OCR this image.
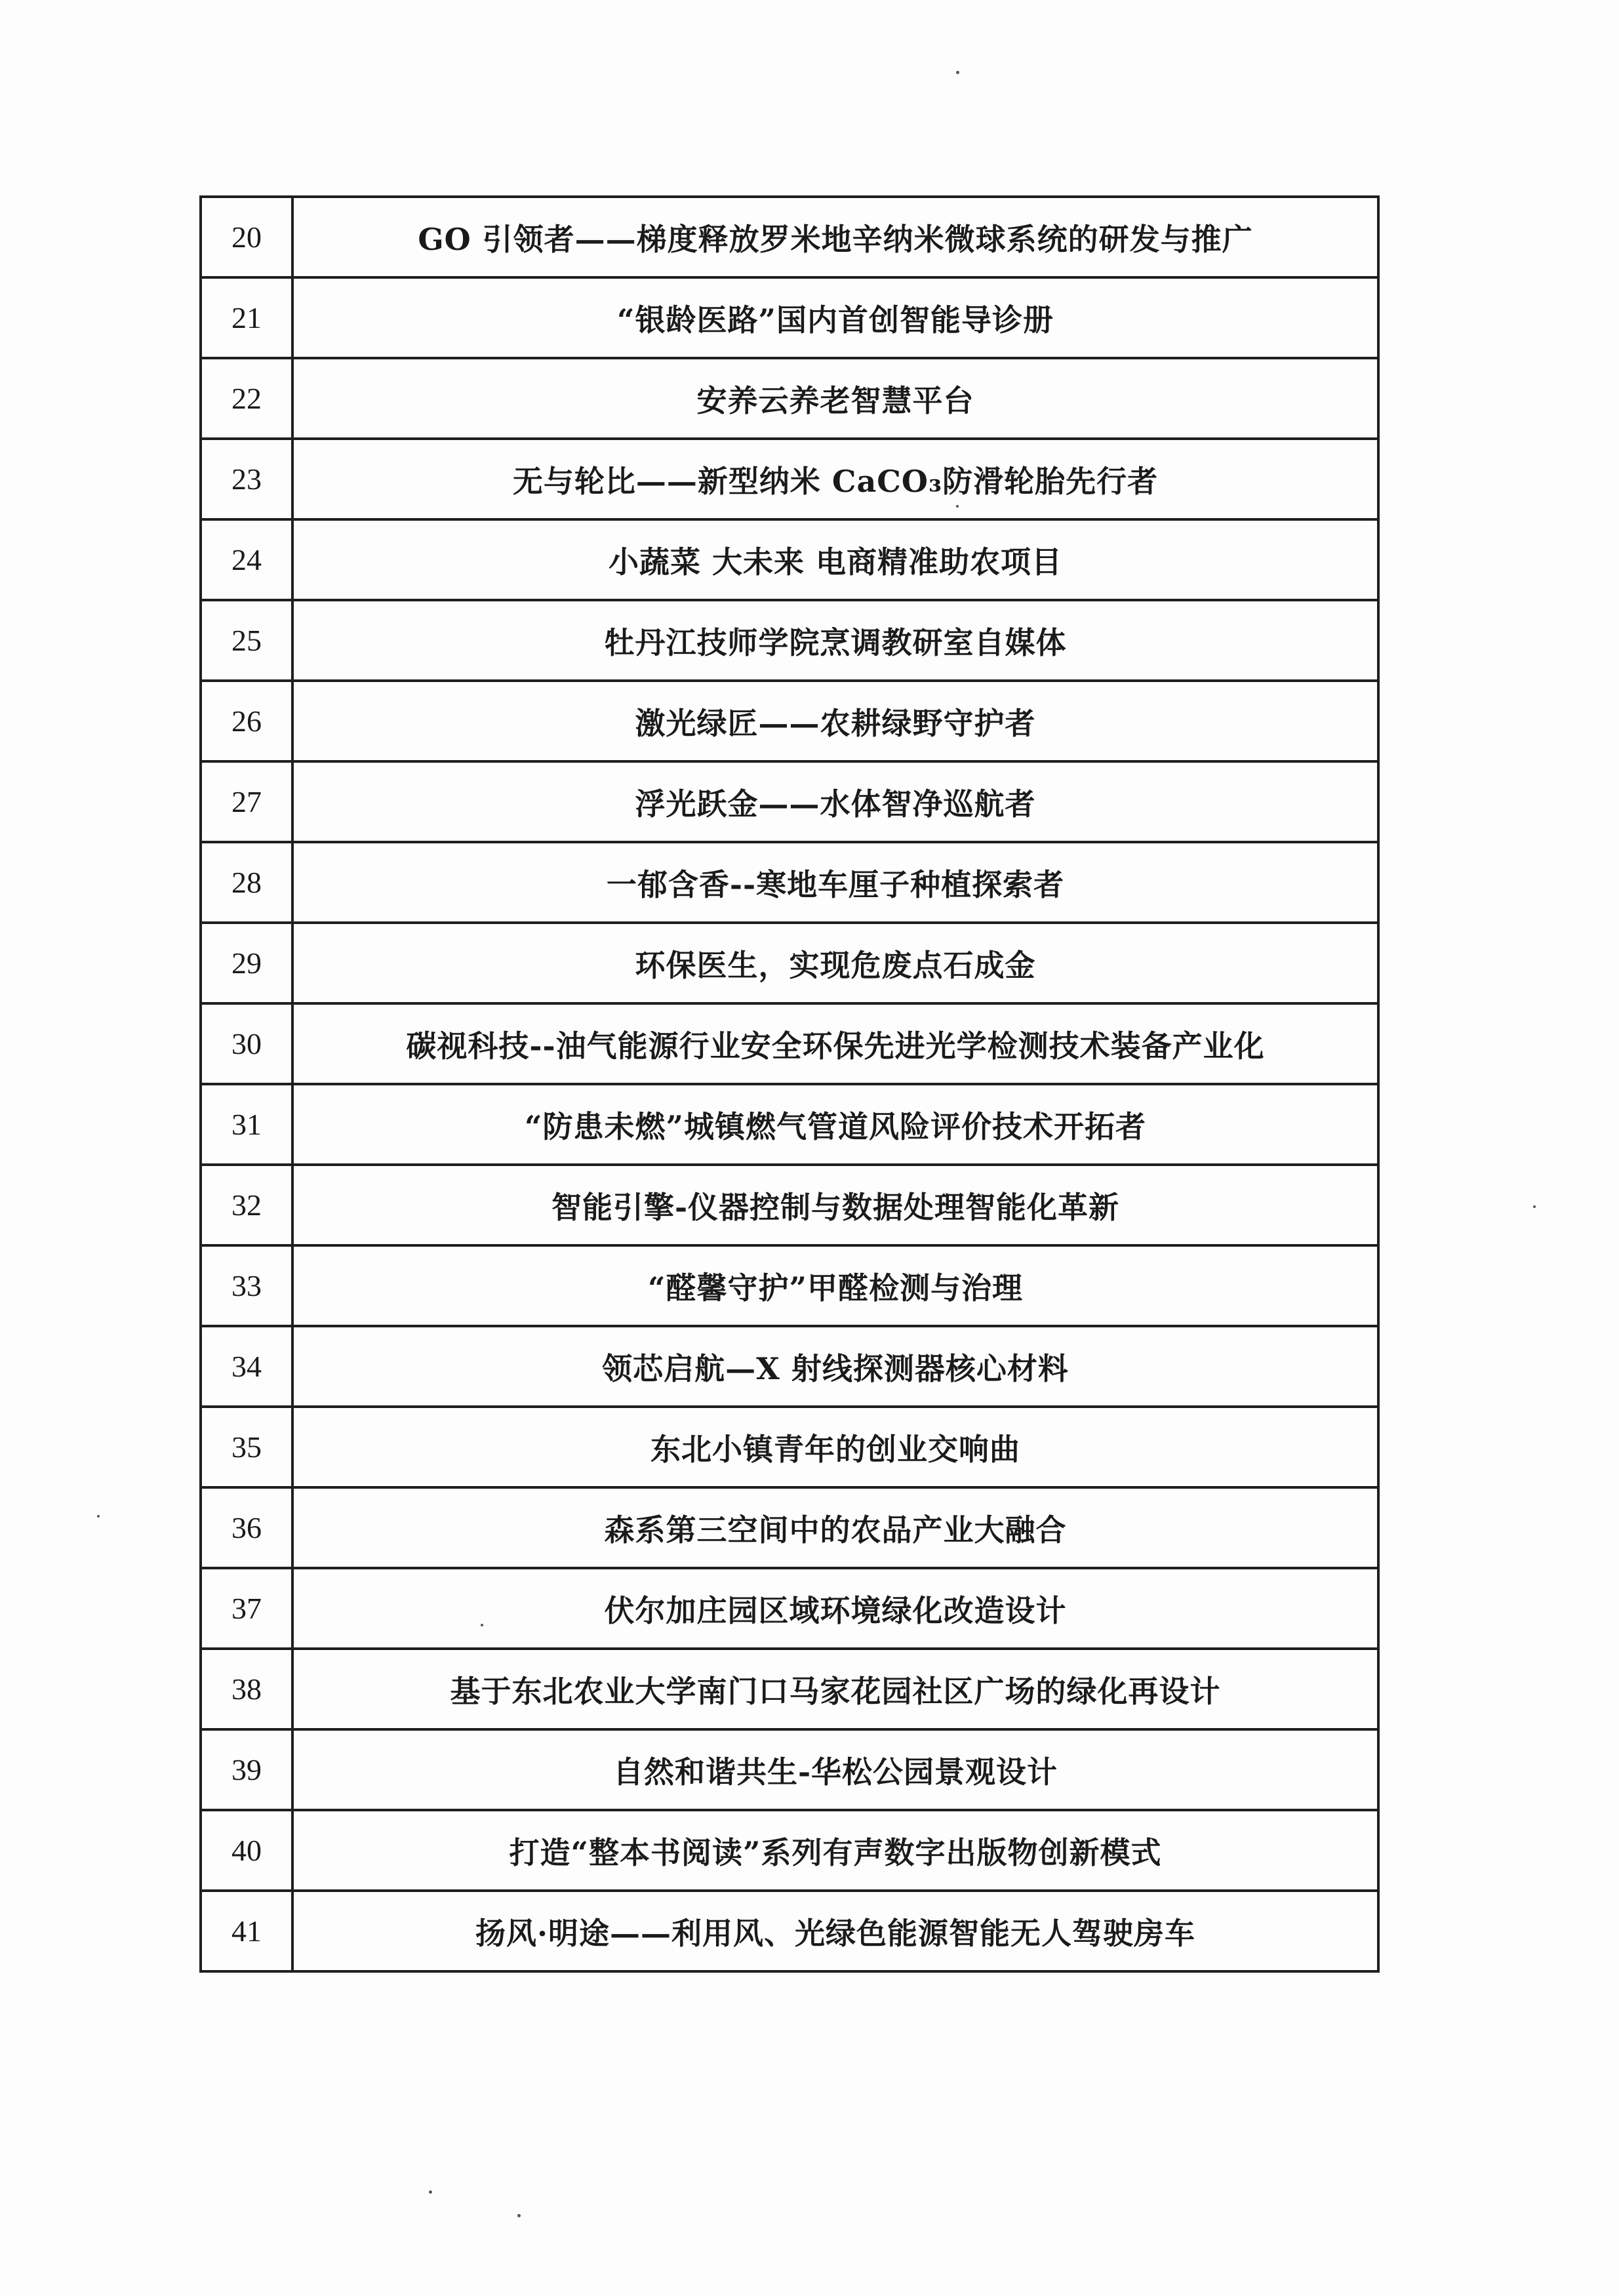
20	GO 引领者——梯度释放罗米地辛纳米微球系统的研发与推广
21	“银龄医路”国内首创智能导诊册
22	安养云养老智慧平台
23	无与轮比——新型纳米 CaCO₃防滑轮胎先行者
24	小蔬菜 大未来 电商精准助农项目
25	牡丹江技师学院烹调教研室自媒体
26	激光绿匠——农耕绿野守护者
27	浮光跃金——水体智净巡航者
28	一郁含香--寒地车厘子种植探索者
29	环保医生，实现危废点石成金
30	碳视科技--油气能源行业安全环保先进光学检测技术装备产业化
31	“防患未燃”城镇燃气管道风险评价技术开拓者
32	智能引擎-仪器控制与数据处理智能化革新
33	“醛馨守护”甲醛检测与治理
34	领芯启航—X 射线探测器核心材料
35	东北小镇青年的创业交响曲
36	森系第三空间中的农品产业大融合
37	伏尔加庄园区域环境绿化改造设计
38	基于东北农业大学南门口马家花园社区广场的绿化再设计
39	自然和谐共生-华松公园景观设计
40	打造“整本书阅读”系列有声数字出版物创新模式
41	扬风·明途——利用风、光绿色能源智能无人驾驶房车
